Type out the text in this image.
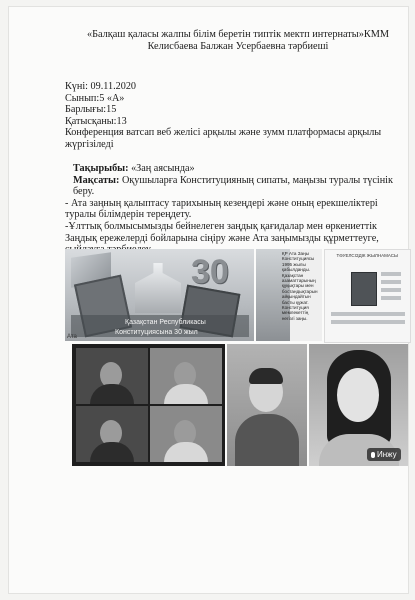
«Балқаш қаласы жалпы білім беретін типтік мектп интернаты»КММ
Келисбаева Балжан Усербаевна тәрбиеші
Күні: 09.11.2020
Сынып:5 «А»
Барлығы:15
Қатысқаны:13
Конференция ватсап веб желісі арқылы және зумм платформасы арқылы
жүргізіледі

Тақырыбы: «Заң аясында»

Мақсаты: Оқушыларға Конституцияның сипаты, маңызы туралы түсінік беру.

- Ата заңның қалыптасу тарихының кезеңдері және оның ерекшеліктері туралы білімдерін тереңдету.

-Ұлттық болмысымызды бейнелеген заңдық қағидалар мен өркениеттік Заңдық ережелерді бойларына сіңіру және Ата заңымызды құрметтеуге,

30
Қазақстан Республикасы
Конституциясына 30 жыл
Ата
ҚР Ата Заңы Конституциясы 1995 жылы қабылданды. Қазақстан азаматтарының құқықтары мен бостандықтарын айқындайтын басты құжат. Конституция мемлекеттің негізгі заңы.
ТӘУЕЛСІЗДІК ЖЫЛНАМАСЫ
Инжу
